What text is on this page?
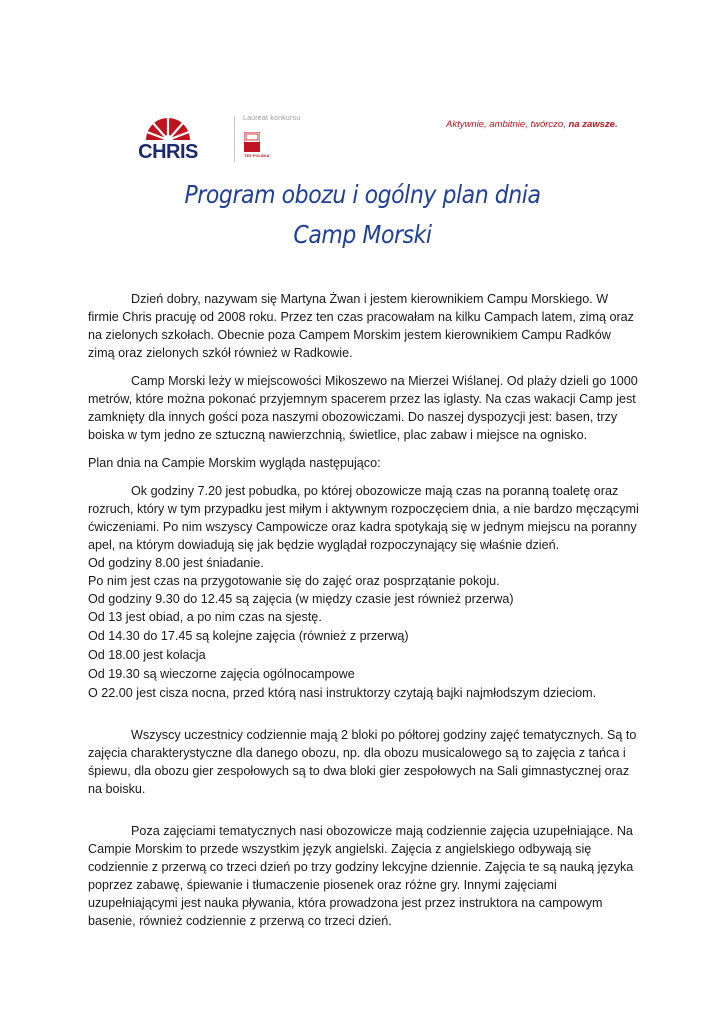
CHRIS
Laureat konkursu
TEZ POLSKA
Aktywnie, ambitnie, twórczo, na zawsze.
Program obozu i ogólny plan dnia
Camp Morski

Dzień dobry, nazywam się Martyna Żwan i jestem kierownikiem Campu Morskiego. W firmie Chris pracuję od 2008 roku. Przez ten czas pracowałam na kilku Campach latem, zimą oraz na zielonych szkołach. Obecnie poza Campem Morskim jestem kierownikiem Campu Radków zimą oraz zielonych szkół również w Radkowie.

Camp Morski leży w miejscowości Mikoszewo na Mierzei Wiślanej. Od plaży dzieli go 1000 metrów, które można pokonać przyjemnym spacerem przez las iglasty. Na czas wakacji Camp jest zamknięty dla innych gości poza naszymi obozowiczami. Do naszej dyspozycji jest: basen, trzy boiska w tym jedno ze sztuczną nawierzchnią, świetlice, plac zabaw i miejsce na ognisko.

Plan dnia na Campie Morskim wygląda następująco:

Ok godziny 7.20 jest pobudka, po której obozowicze mają czas na poranną toaletę oraz rozruch, który w tym przypadku jest miłym i aktywnym rozpoczęciem dnia, a nie bardzo męczącymi ćwiczeniami. Po nim wszyscy Campowicze oraz kadra spotykają się w jednym miejscu na poranny apel, na którym dowiadują się jak będzie wyglądał rozpoczynający się właśnie dzień.

Od godziny 8.00 jest śniadanie.

Po nim jest czas na przygotowanie się do zajęć oraz posprzątanie pokoju.

Od godziny 9.30 do 12.45 są zajęcia (w między czasie jest również przerwa)

Od 13 jest obiad, a po nim czas na sjestę.

Od 14.30 do 17.45 są kolejne zajęcia (również z przerwą)

Od 18.00 jest kolacja

Od 19.30 są wieczorne zajęcia ogólnocampowe

O 22.00 jest cisza nocna, przed którą nasi instruktorzy czytają bajki najmłodszym dzieciom.

Wszyscy uczestnicy codziennie mają 2 bloki po półtorej godziny zajęć tematycznych. Są to zajęcia charakterystyczne dla danego obozu, np. dla obozu musicalowego są to zajęcia z tańca i śpiewu, dla obozu gier zespołowych są to dwa bloki gier zespołowych na Sali gimnastycznej oraz na boisku.

Poza zajęciami tematycznych nasi obozowicze mają codziennie zajęcia uzupełniające. Na Campie Morskim to przede wszystkim język angielski. Zajęcia z angielskiego odbywają się codziennie z przerwą co trzeci dzień po trzy godziny lekcyjne dziennie. Zajęcia te są nauką języka poprzez zabawę, śpiewanie i tłumaczenie piosenek oraz różne gry. Innymi zajęciami uzupełniającymi jest nauka pływania, która prowadzona jest przez instruktora na campowym basenie, również codziennie z przerwą co trzeci dzień.
